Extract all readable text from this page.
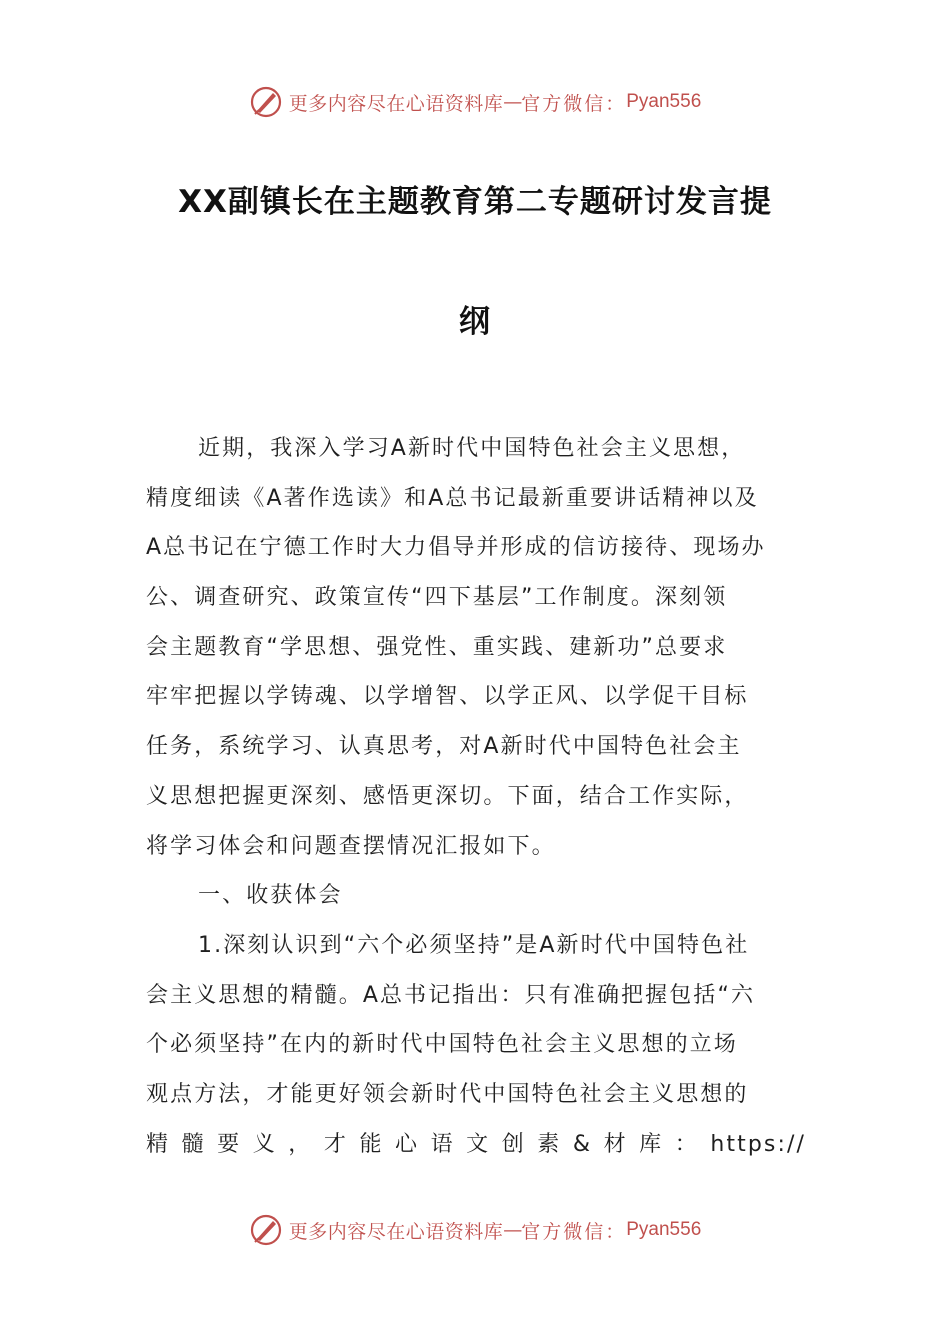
更多内容尽在心语资料库 — 官方微信： Pyan556
XX副镇长在主题教育第二专题研讨发言提
纲
近期，我深入学习A新时代中国特色社会主义思想，
精度细读《A著作选读》和A总书记最新重要讲话精神以及
A总书记在宁德工作时大力倡导并形成的信访接待、现场办
公、调查研究、政策宣传“四下基层”工作制度。深刻领
会主题教育“学思想、强党性、重实践、建新功”总要求
牢牢把握以学铸魂、以学增智、以学正风、以学促干目标
任务，系统学习、认真思考，对A新时代中国特色社会主
义思想把握更深刻、感悟更深切。下面，结合工作实际，
将学习体会和问题查摆情况汇报如下。
一、收获体会
1.深刻认识到“六个必须坚持”是A新时代中国特色社
会主义思想的精髓。A总书记指出：只有准确把握包括“六
个必须坚持”在内的新时代中国特色社会主义思想的立场
观点方法，才能更好领会新时代中国特色社会主义思想的
精髓要义，才能心语文创素&材库：https://
更多内容尽在心语资料库 — 官方微信： Pyan556
